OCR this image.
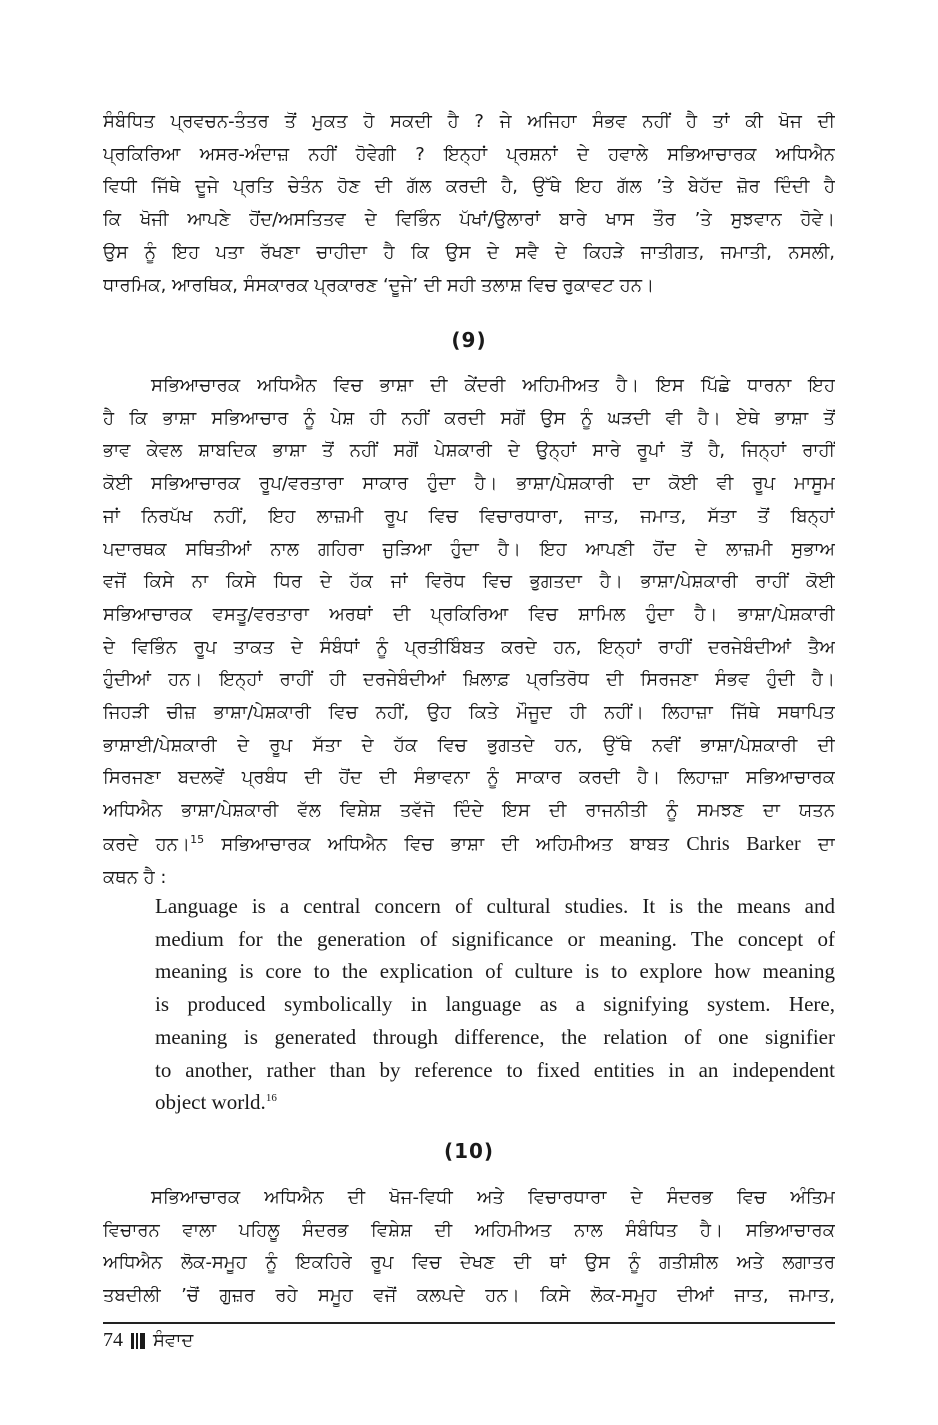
ਸੰਬੰਧਿਤ ਪ੍ਰਵਚਨ-ਤੰਤਰ ਤੋਂ ਮੁਕਤ ਹੋ ਸਕਦੀ ਹੈ ? ਜੇ ਅਜਿਹਾ ਸੰਭਵ ਨਹੀਂ ਹੈ ਤਾਂ ਕੀ ਖੋਜ ਦੀ
ਪ੍ਰਕਿਰਿਆ ਅਸਰ-ਅੰਦਾਜ਼ ਨਹੀਂ ਹੋਵੇਗੀ ? ਇਨ੍ਹਾਂ ਪ੍ਰਸ਼ਨਾਂ ਦੇ ਹਵਾਲੇ ਸਭਿਆਚਾਰਕ ਅਧਿਐਨ
ਵਿਧੀ ਜਿੱਥੇ ਦੂਜੇ ਪ੍ਰਤਿ ਚੇਤੰਨ ਹੋਣ ਦੀ ਗੱਲ ਕਰਦੀ ਹੈ, ਉੱਥੇ ਇਹ ਗੱਲ ’ਤੇ ਬੇਹੱਦ ਜ਼ੋਰ ਦਿੰਦੀ ਹੈ
ਕਿ ਖੋਜੀ ਆਪਣੇ ਹੋਂਦ/ਅਸਤਿਤਵ ਦੇ ਵਿਭਿੰਨ ਪੱਖਾਂ/ਉਲਾਰਾਂ ਬਾਰੇ ਖਾਸ ਤੌਰ ’ਤੇ ਸੁਝਵਾਨ ਹੋਵੇ।
ਉਸ ਨੂੰ ਇਹ ਪਤਾ ਰੱਖਣਾ ਚਾਹੀਦਾ ਹੈ ਕਿ ਉਸ ਦੇ ਸਵੈ ਦੇ ਕਿਹੜੇ ਜਾਤੀਗਤ, ਜਮਾਤੀ, ਨਸਲੀ,
ਧਾਰਮਿਕ, ਆਰਥਿਕ, ਸੰਸਕਾਰਕ ਪ੍ਰਕਾਰਣ ‘ਦੂਜੇ’ ਦੀ ਸਹੀ ਤਲਾਸ਼ ਵਿਚ ਰੁਕਾਵਟ ਹਨ।
(9)
ਸਭਿਆਚਾਰਕ ਅਧਿਐਨ ਵਿਚ ਭਾਸ਼ਾ ਦੀ ਕੇਂਦਰੀ ਅਹਿਮੀਅਤ ਹੈ। ਇਸ ਪਿੱਛੇ ਧਾਰਨਾ ਇਹ
ਹੈ ਕਿ ਭਾਸ਼ਾ ਸਭਿਆਚਾਰ ਨੂੰ ਪੇਸ਼ ਹੀ ਨਹੀਂ ਕਰਦੀ ਸਗੋਂ ਉਸ ਨੂੰ ਘੜਦੀ ਵੀ ਹੈ। ਏਥੇ ਭਾਸ਼ਾ ਤੋਂ
ਭਾਵ ਕੇਵਲ ਸ਼ਾਬਦਿਕ ਭਾਸ਼ਾ ਤੋਂ ਨਹੀਂ ਸਗੋਂ ਪੇਸ਼ਕਾਰੀ ਦੇ ਉਨ੍ਹਾਂ ਸਾਰੇ ਰੂਪਾਂ ਤੋਂ ਹੈ, ਜਿਨ੍ਹਾਂ ਰਾਹੀਂ
ਕੋਈ ਸਭਿਆਚਾਰਕ ਰੂਪ/ਵਰਤਾਰਾ ਸਾਕਾਰ ਹੁੰਦਾ ਹੈ। ਭਾਸ਼ਾ/ਪੇਸ਼ਕਾਰੀ ਦਾ ਕੋਈ ਵੀ ਰੂਪ ਮਾਸੂਮ
ਜਾਂ ਨਿਰਪੱਖ ਨਹੀਂ, ਇਹ ਲਾਜ਼ਮੀ ਰੂਪ ਵਿਚ ਵਿਚਾਰਧਾਰਾ, ਜਾਤ, ਜਮਾਤ, ਸੱਤਾ ਤੋਂ ਬਿਨ੍ਹਾਂ
ਪਦਾਰਥਕ ਸਥਿਤੀਆਂ ਨਾਲ ਗਹਿਰਾ ਜੁੜਿਆ ਹੁੰਦਾ ਹੈ। ਇਹ ਆਪਣੀ ਹੋਂਦ ਦੇ ਲਾਜ਼ਮੀ ਸੁਭਾਅ
ਵਜੋਂ ਕਿਸੇ ਨਾ ਕਿਸੇ ਧਿਰ ਦੇ ਹੱਕ ਜਾਂ ਵਿਰੋਧ ਵਿਚ ਭੁਗਤਦਾ ਹੈ। ਭਾਸ਼ਾ/ਪੇਸ਼ਕਾਰੀ ਰਾਹੀਂ ਕੋਈ
ਸਭਿਆਚਾਰਕ ਵਸਤੂ/ਵਰਤਾਰਾ ਅਰਥਾਂ ਦੀ ਪ੍ਰਕਿਰਿਆ ਵਿਚ ਸ਼ਾਮਿਲ ਹੁੰਦਾ ਹੈ। ਭਾਸ਼ਾ/ਪੇਸ਼ਕਾਰੀ
ਦੇ ਵਿਭਿੰਨ ਰੂਪ ਤਾਕਤ ਦੇ ਸੰਬੰਧਾਂ ਨੂੰ ਪ੍ਰਤੀਬਿੰਬਤ ਕਰਦੇ ਹਨ, ਇਨ੍ਹਾਂ ਰਾਹੀਂ ਦਰਜੇਬੰਦੀਆਂ ਤੈਅ
ਹੁੰਦੀਆਂ ਹਨ। ਇਨ੍ਹਾਂ ਰਾਹੀਂ ਹੀ ਦਰਜੇਬੰਦੀਆਂ ਖ਼ਿਲਾਫ਼ ਪ੍ਰਤਿਰੋਧ ਦੀ ਸਿਰਜਣਾ ਸੰਭਵ ਹੁੰਦੀ ਹੈ।
ਜਿਹੜੀ ਚੀਜ਼ ਭਾਸ਼ਾ/ਪੇਸ਼ਕਾਰੀ ਵਿਚ ਨਹੀਂ, ਉਹ ਕਿਤੇ ਮੌਜੂਦ ਹੀ ਨਹੀਂ। ਲਿਹਾਜ਼ਾ ਜਿੱਥੇ ਸਥਾਪਿਤ
ਭਾਸ਼ਾਈ/ਪੇਸ਼ਕਾਰੀ ਦੇ ਰੂਪ ਸੱਤਾ ਦੇ ਹੱਕ ਵਿਚ ਭੁਗਤਦੇ ਹਨ, ਉੱਥੇ ਨਵੀਂ ਭਾਸ਼ਾ/ਪੇਸ਼ਕਾਰੀ ਦੀ
ਸਿਰਜਣਾ ਬਦਲਵੇਂ ਪ੍ਰਬੰਧ ਦੀ ਹੋਂਦ ਦੀ ਸੰਭਾਵਨਾ ਨੂੰ ਸਾਕਾਰ ਕਰਦੀ ਹੈ। ਲਿਹਾਜ਼ਾ ਸਭਿਆਚਾਰਕ
ਅਧਿਐਨ ਭਾਸ਼ਾ/ਪੇਸ਼ਕਾਰੀ ਵੱਲ ਵਿਸ਼ੇਸ਼ ਤਵੱਜੋ ਦਿੰਦੇ ਇਸ ਦੀ ਰਾਜਨੀਤੀ ਨੂੰ ਸਮਝਣ ਦਾ ਯਤਨ
ਕਰਦੇ ਹਨ।$^{15}$ ਸਭਿਆਚਾਰਕ ਅਧਿਐਨ ਵਿਚ ਭਾਸ਼ਾ ਦੀ ਅਹਿਮੀਅਤ ਬਾਬਤ Chris Barker ਦਾ
ਕਥਨ ਹੈ :
Language is a central concern of cultural studies. It is the means and
medium for the generation of significance or meaning. The concept of
meaning is core to the explication of culture is to explore how meaning
is produced symbolically in language as a signifying system. Here,
meaning is generated through difference, the relation of one signifier
to another, rather than by reference to fixed entities in an independent
object world.$^{16}$
(10)
ਸਭਿਆਚਾਰਕ ਅਧਿਐਨ ਦੀ ਖੋਜ-ਵਿਧੀ ਅਤੇ ਵਿਚਾਰਧਾਰਾ ਦੇ ਸੰਦਰਭ ਵਿਚ ਅੰਤਿਮ
ਵਿਚਾਰਨ ਵਾਲਾ ਪਹਿਲੂ ਸੰਦਰਭ ਵਿਸ਼ੇਸ਼ ਦੀ ਅਹਿਮੀਅਤ ਨਾਲ ਸੰਬੰਧਿਤ ਹੈ। ਸਭਿਆਚਾਰਕ
ਅਧਿਐਨ ਲੋਕ-ਸਮੂਹ ਨੂੰ ਇਕਹਿਰੇ ਰੂਪ ਵਿਚ ਦੇਖਣ ਦੀ ਥਾਂ ਉਸ ਨੂੰ ਗਤੀਸ਼ੀਲ ਅਤੇ ਲਗਾਤਰ
ਤਬਦੀਲੀ ’ਚੋਂ ਗੁਜ਼ਰ ਰਹੇ ਸਮੂਹ ਵਜੋਂ ਕਲਪਦੇ ਹਨ। ਕਿਸੇ ਲੋਕ-ਸਮੂਹ ਦੀਆਂ ਜਾਤ, ਜਮਾਤ,
74 ਸੰਵਾਦ
